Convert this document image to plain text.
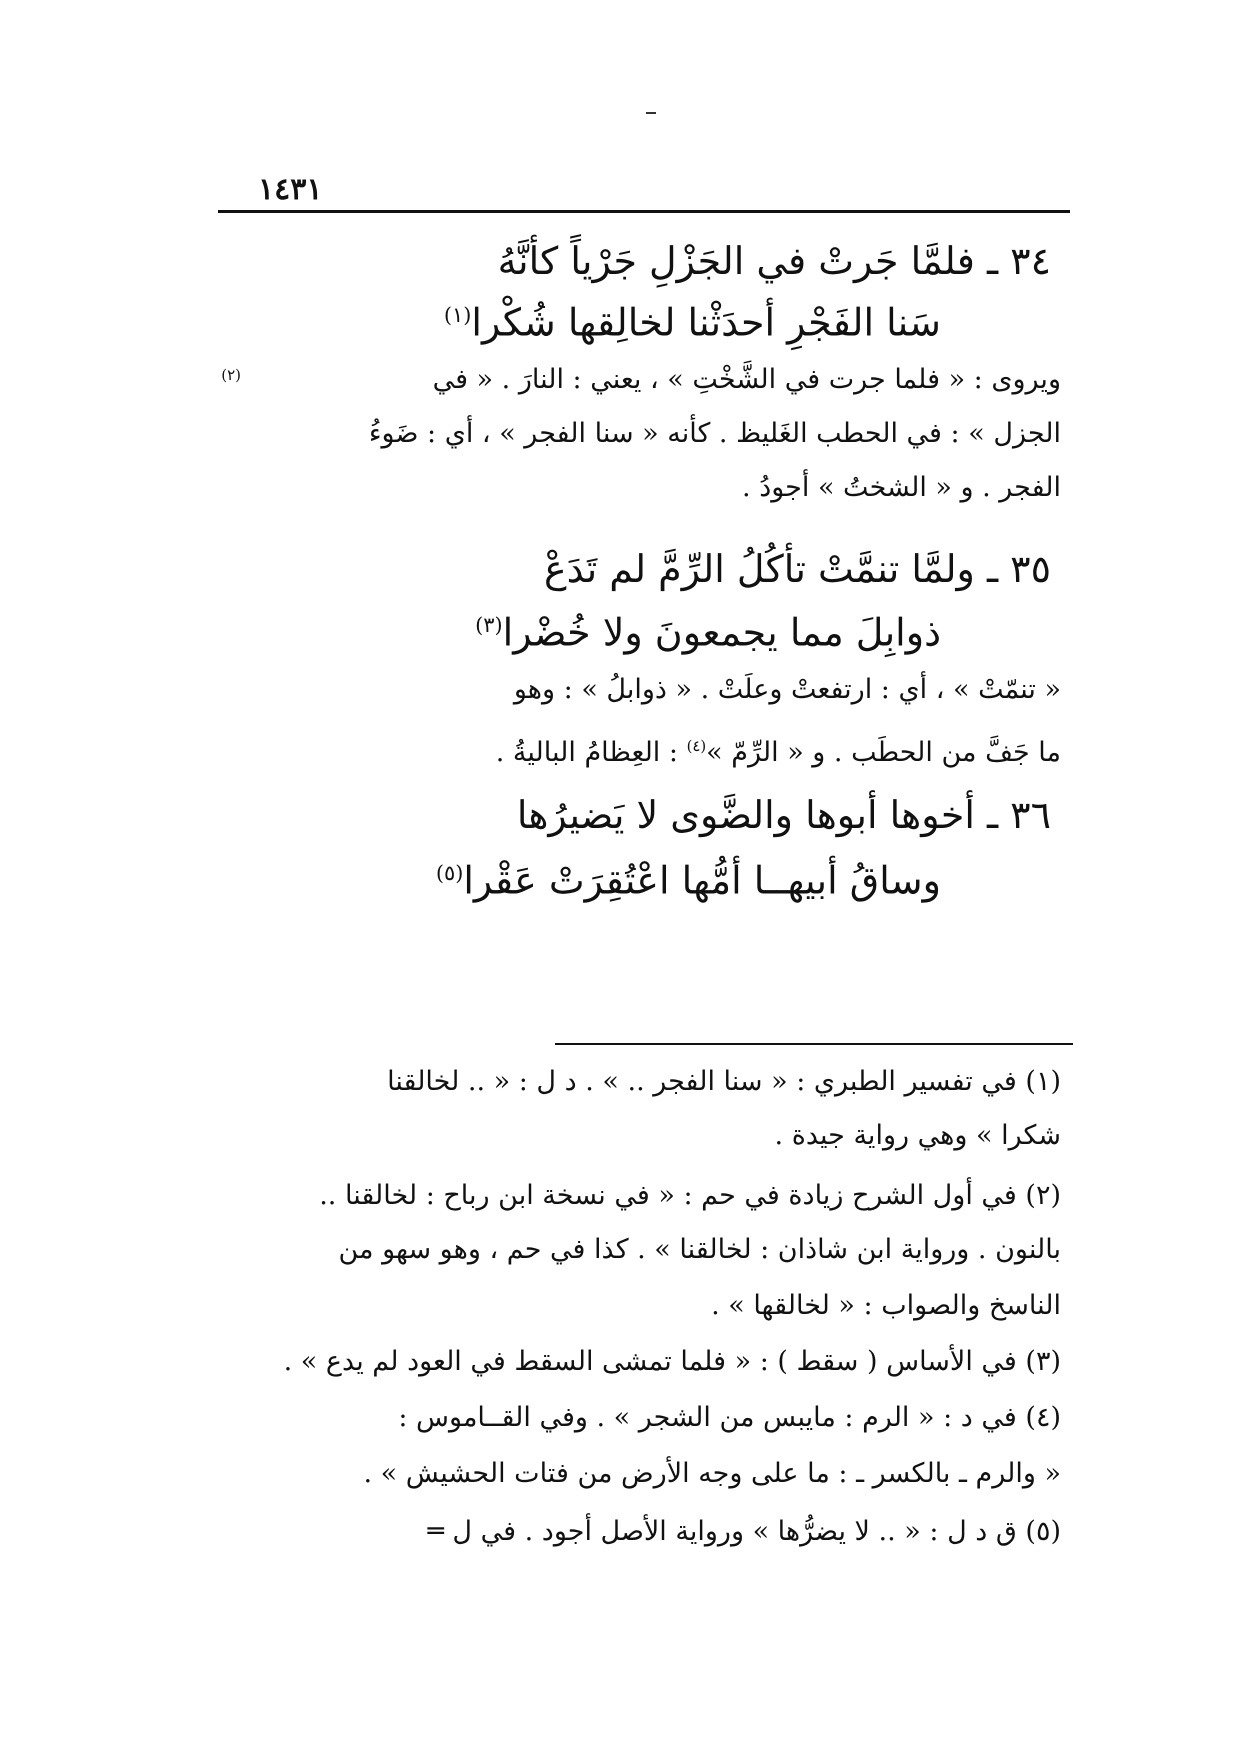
١٤٣١
٣٤ ـ فلمَّا جَرتْ في الجَزْلِ جَرْياً كأنَّهُ
سَنا الفَجْرِ أحدَثْنا لخالِقها شُكْرا$^{(١)}$
ويروى : « فلما جرت في الشَّخْتِ » ، يعني : النارَ . « في
الجزل » : في الحطب الغَليظ . كأنه « سنا الفجر » ، أي : ضَوءُ
الفجر . و « الشختُ » أجودُ .
(٢)
٣٥ ـ ولمَّا تنمَّتْ تأكُلُ الرِّمَّ لم تَدَعْ
ذوابِلَ مما يجمعونَ ولا خُضْرا$^{(٣)}$
« تنمّتْ » ، أي : ارتفعتْ وعلَتْ . « ذوابلُ » : وهو
ما جَفَّ من الحطَب . و « الرِّمّ »$^{(٤)}$ : العِظامُ الباليةُ .
٣٦ ـ أخوها أبوها والضَّوى لا يَضيرُها
وساقُ أبيهــا أمُّها اعْتُقِرَتْ عَقْرا$^{(٥)}$
(١) في تفسير الطبري : « سنا الفجر .. » . د ل : « .. لخالقنا
شكرا » وهي رواية جيدة .
(٢) في أول الشرح زيادة في حم : « في نسخة ابن رباح : لخالقنا ..
بالنون . ورواية ابن شاذان : لخالقنا » . كذا في حم ، وهو سهو من
الناسخ والصواب : « لخالقها » .
(٣) في الأساس ( سقط ) : « فلما تمشى السقط في العود لم يدع » .
(٤) في د : « الرم : مايبس من الشجر » . وفي القــاموس :
« والرم ـ بالكسر ـ : ما على وجه الأرض من فتات الحشيش » .
(٥) ق د ل : « .. لا يضرُّها » ورواية الأصل أجود . في ل ═
